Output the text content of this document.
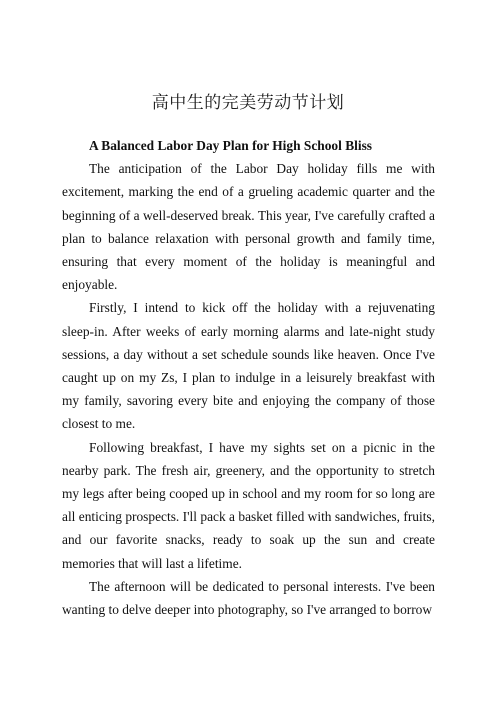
高中生的完美劳动节计划

A Balanced Labor Day Plan for High School Bliss

The anticipation of the Labor Day holiday fills me with excitement, marking the end of a grueling academic quarter and the beginning of a well-deserved break. This year, I've carefully crafted a plan to balance relaxation with personal growth and family time, ensuring that every moment of the holiday is meaningful and enjoyable.

Firstly, I intend to kick off the holiday with a rejuvenating sleep-in. After weeks of early morning alarms and late-night study sessions, a day without a set schedule sounds like heaven. Once I've caught up on my Zs, I plan to indulge in a leisurely breakfast with my family, savoring every bite and enjoying the company of those closest to me.

Following breakfast, I have my sights set on a picnic in the nearby park. The fresh air, greenery, and the opportunity to stretch my legs after being cooped up in school and my room for so long are all enticing prospects. I'll pack a basket filled with sandwiches, fruits, and our favorite snacks, ready to soak up the sun and create memories that will last a lifetime.

The afternoon will be dedicated to personal interests. I've been wanting to delve deeper into photography, so I've arranged to borrow
